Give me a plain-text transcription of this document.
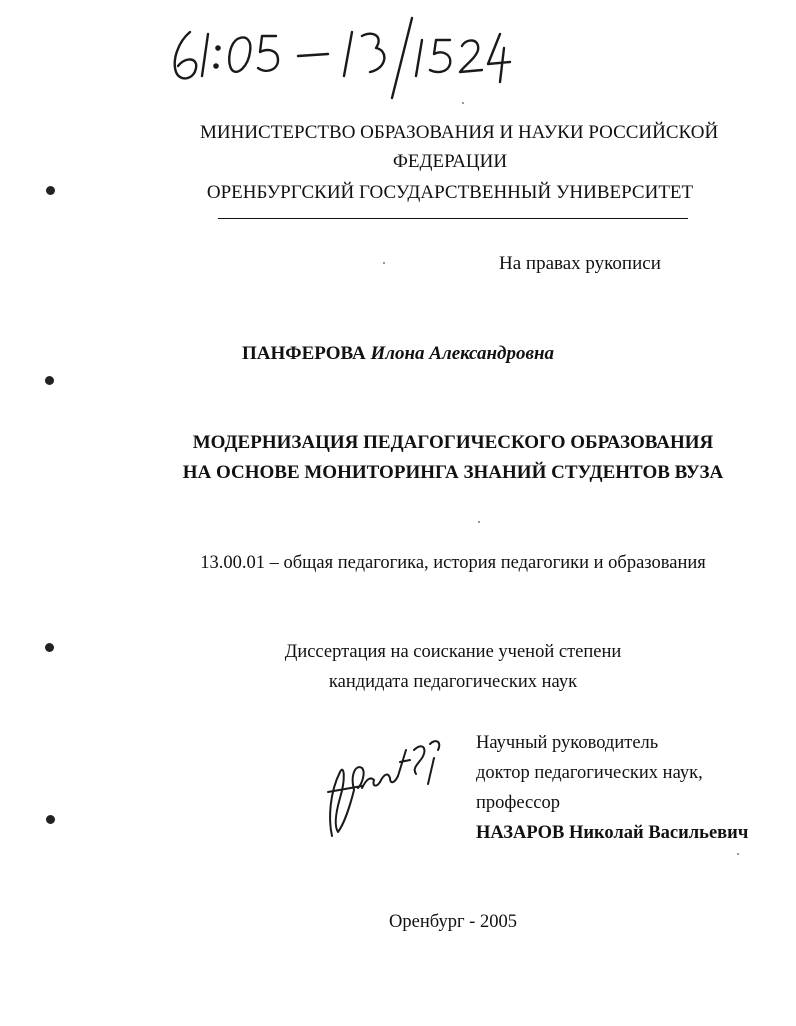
МИНИСТЕРСТВО ОБРАЗОВАНИЯ И НАУКИ РОССИЙСКОЙ
ФЕДЕРАЦИИ
ОРЕНБУРГСКИЙ ГОСУДАРСТВЕННЫЙ УНИВЕРСИТЕТ
На правах рукописи
ПАНФЕРОВА Илона Александровна
МОДЕРНИЗАЦИЯ ПЕДАГОГИЧЕСКОГО ОБРАЗОВАНИЯ
НА ОСНОВЕ МОНИТОРИНГА ЗНАНИЙ СТУДЕНТОВ ВУЗА
13.00.01 – общая педагогика, история педагогики и образования
Диссертация на соискание ученой степени
кандидата педагогических наук
Научный руководитель
доктор педагогических наук,
профессор
НАЗАРОВ Николай Васильевич
Оренбург - 2005
